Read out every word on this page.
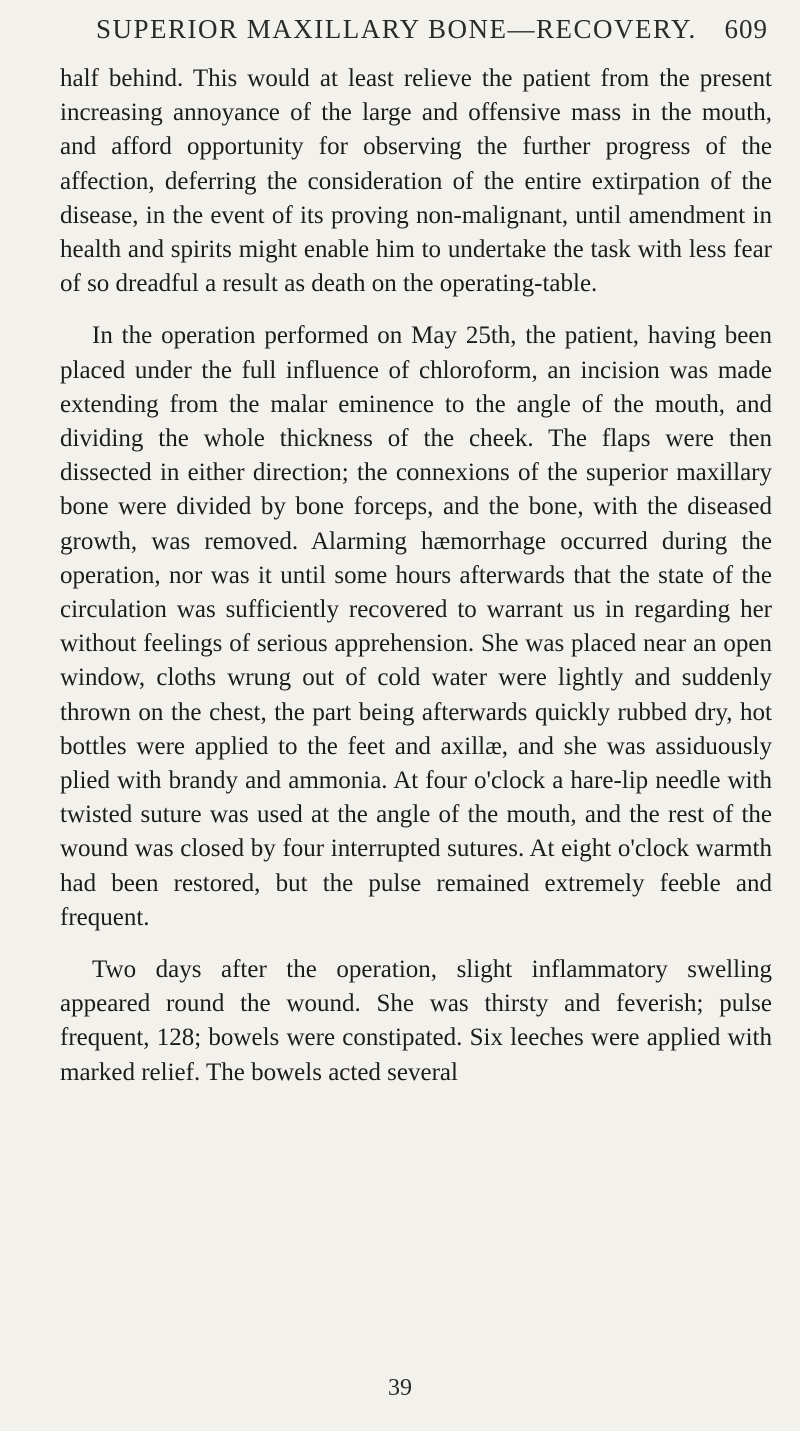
SUPERIOR MAXILLARY BONE—RECOVERY. 609

half behind. This would at least relieve the patient from the present increasing annoyance of the large and offensive mass in the mouth, and afford opportunity for observing the further progress of the affection, deferring the consideration of the entire extirpation of the disease, in the event of its proving non-malignant, until amendment in health and spirits might enable him to undertake the task with less fear of so dreadful a result as death on the operating-table.

In the operation performed on May 25th, the patient, having been placed under the full influence of chloroform, an incision was made extending from the malar eminence to the angle of the mouth, and dividing the whole thickness of the cheek. The flaps were then dissected in either direction; the connexions of the superior maxillary bone were divided by bone forceps, and the bone, with the diseased growth, was removed. Alarming hæmorrhage occurred during the operation, nor was it until some hours afterwards that the state of the circulation was sufficiently recovered to warrant us in regarding her without feelings of serious apprehension. She was placed near an open window, cloths wrung out of cold water were lightly and suddenly thrown on the chest, the part being afterwards quickly rubbed dry, hot bottles were applied to the feet and axillæ, and she was assiduously plied with brandy and ammonia. At four o'clock a hare-lip needle with twisted suture was used at the angle of the mouth, and the rest of the wound was closed by four interrupted sutures. At eight o'clock warmth had been restored, but the pulse remained extremely feeble and frequent.

Two days after the operation, slight inflammatory swelling appeared round the wound. She was thirsty and feverish; pulse frequent, 128; bowels were constipated. Six leeches were applied with marked relief. The bowels acted several

39
